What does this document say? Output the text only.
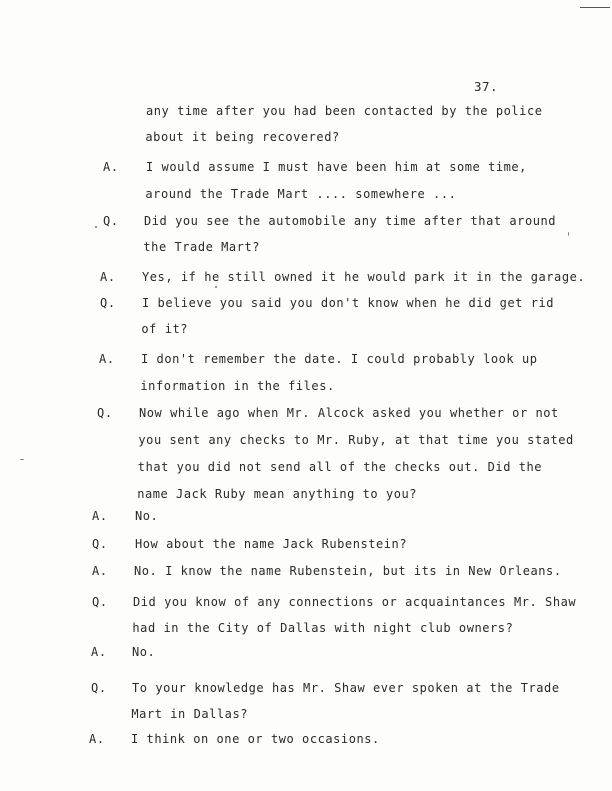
37.
any time after you had been contacted by the police
about it being recovered?
A. I would assume I must have been him at some time,
around the Trade Mart .... somewhere ...
Q. Did you see the automobile any time after that around
the Trade Mart?
A. Yes, if he still owned it he would park it in the garage.
Q. I believe you said you don't know when he did get rid
of it?
A. I don't remember the date. I could probably look up
information in the files.
Q. Now while ago when Mr. Alcock asked you whether or not
you sent any checks to Mr. Ruby, at that time you stated
that you did not send all of the checks out. Did the
name Jack Ruby mean anything to you?
A. No.
Q. How about the name Jack Rubenstein?
A. No. I know the name Rubenstein, but its in New Orleans.
Q. Did you know of any connections or acquaintances Mr. Shaw
had in the City of Dallas with night club owners?
A. No.
Q. To your knowledge has Mr. Shaw ever spoken at the Trade
Mart in Dallas?
A. I think on one or two occasions.
